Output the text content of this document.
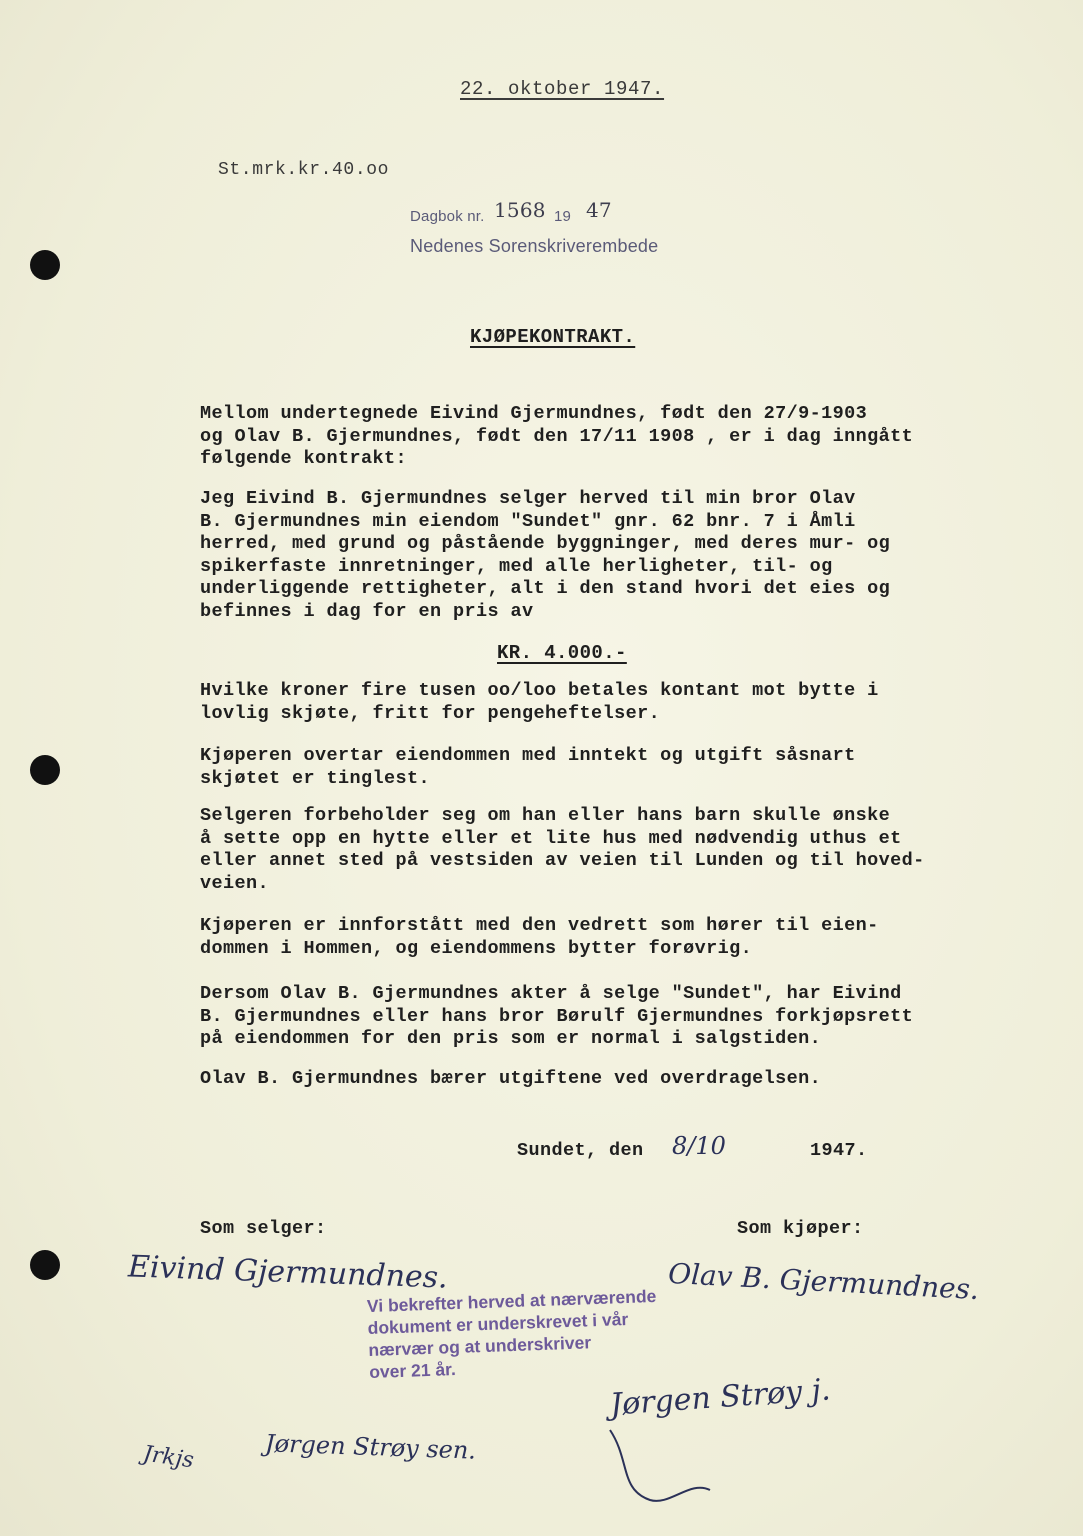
22. oktober 1947.
St.mrk.kr.40.oo
Dagbok nr. 1568 19 47
Nedenes Sorenskriverembede
KJØPEKONTRAKT.

Mellom undertegnede Eivind Gjermundnes, født den 27/9-1903

og Olav B. Gjermundnes, født den 17/11 1908 , er i dag inngått

følgende kontrakt:

Jeg Eivind B. Gjermundnes selger herved til min bror Olav

B. Gjermundnes min eiendom "Sundet" gnr. 62 bnr. 7 i Åmli

herred, med grund og påstående byggninger, med deres mur- og

spikerfaste innretninger, med alle herligheter, til- og

underliggende rettigheter, alt i den stand hvori det eies og

befinnes i dag for en pris av

KR. 4.000.-

Hvilke kroner fire tusen oo/loo betales kontant mot bytte i

lovlig skjøte, fritt for pengeheftelser.

Kjøperen overtar eiendommen med inntekt og utgift såsnart

skjøtet er tinglest.

Selgeren forbeholder seg om han eller hans barn skulle ønske

å sette opp en hytte eller et lite hus med nødvendig uthus et

eller annet sted på vestsiden av veien til Lunden og til hoved-

veien.

Kjøperen er innforstått med den vedrett som hører til eien-

dommen i Hommen, og eiendommens bytter forøvrig.

Dersom Olav B. Gjermundnes akter å selge "Sundet", har Eivind

B. Gjermundnes eller hans bror Børulf Gjermundnes forkjøpsrett

på eiendommen for den pris som er normal i salgstiden.

Olav B. Gjermundnes bærer utgiftene ved overdragelsen.

Sundet, den 8/10	1947.
Som selger:	Som kjøper:
Eivind Gjermundnes.	Olav B. Gjermundnes.
Vi bekrefter herved at nærværende
dokument er underskrevet i vår
nærvær og at underskriver
over 21 år.
Jrkjs	Jørgen Strøy sen.
Jørgen Strøy j.
